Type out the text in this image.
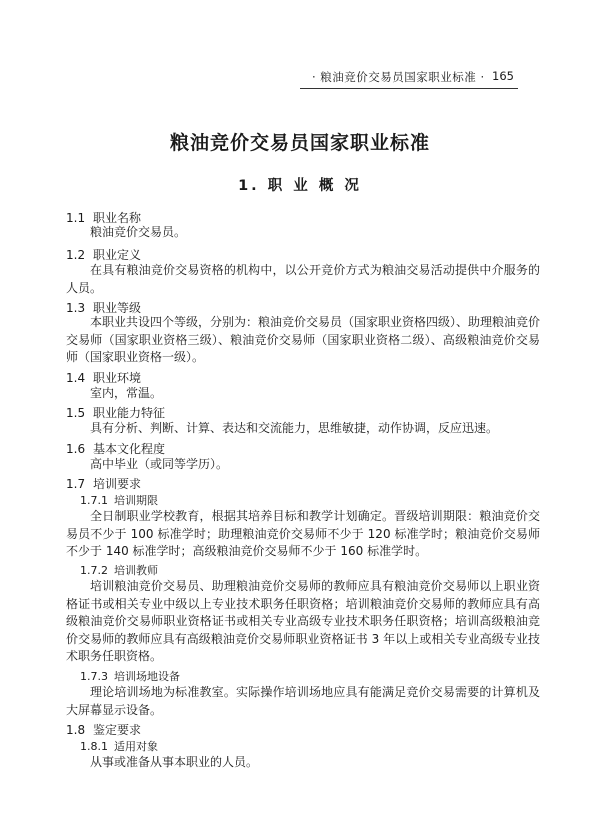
· 粮油竞价交易员国家职业标准 · 165
粮油竞价交易员国家职业标准
1. 职 业 概 况
1.1 职业名称

粮油竞价交易员。

1.2 职业定义

在具有粮油竞价交易资格的机构中，以公开竞价方式为粮油交易活动提供中介服务的人员。

1.3 职业等级

本职业共设四个等级，分别为：粮油竞价交易员（国家职业资格四级）、助理粮油竞价交易师（国家职业资格三级）、粮油竞价交易师（国家职业资格二级）、高级粮油竞价交易师（国家职业资格一级）。

1.4 职业环境

室内，常温。

1.5 职业能力特征

具有分析、判断、计算、表达和交流能力，思维敏捷，动作协调，反应迅速。

1.6 基本文化程度

高中毕业（或同等学历）。

1.7 培训要求
1.7.1 培训期限

全日制职业学校教育，根据其培养目标和教学计划确定。晋级培训期限：粮油竞价交易员不少于 100 标准学时；助理粮油竞价交易师不少于 120 标准学时；粮油竞价交易师不少于 140 标准学时；高级粮油竞价交易师不少于 160 标准学时。

1.7.2 培训教师

培训粮油竞价交易员、助理粮油竞价交易师的教师应具有粮油竞价交易师以上职业资格证书或相关专业中级以上专业技术职务任职资格；培训粮油竞价交易师的教师应具有高级粮油竞价交易师职业资格证书或相关专业高级专业技术职务任职资格；培训高级粮油竞价交易师的教师应具有高级粮油竞价交易师职业资格证书 3 年以上或相关专业高级专业技术职务任职资格。

1.7.3 培训场地设备

理论培训场地为标准教室。实际操作培训场地应具有能满足竞价交易需要的计算机及大屏幕显示设备。

1.8 鉴定要求
1.8.1 适用对象

从事或准备从事本职业的人员。
